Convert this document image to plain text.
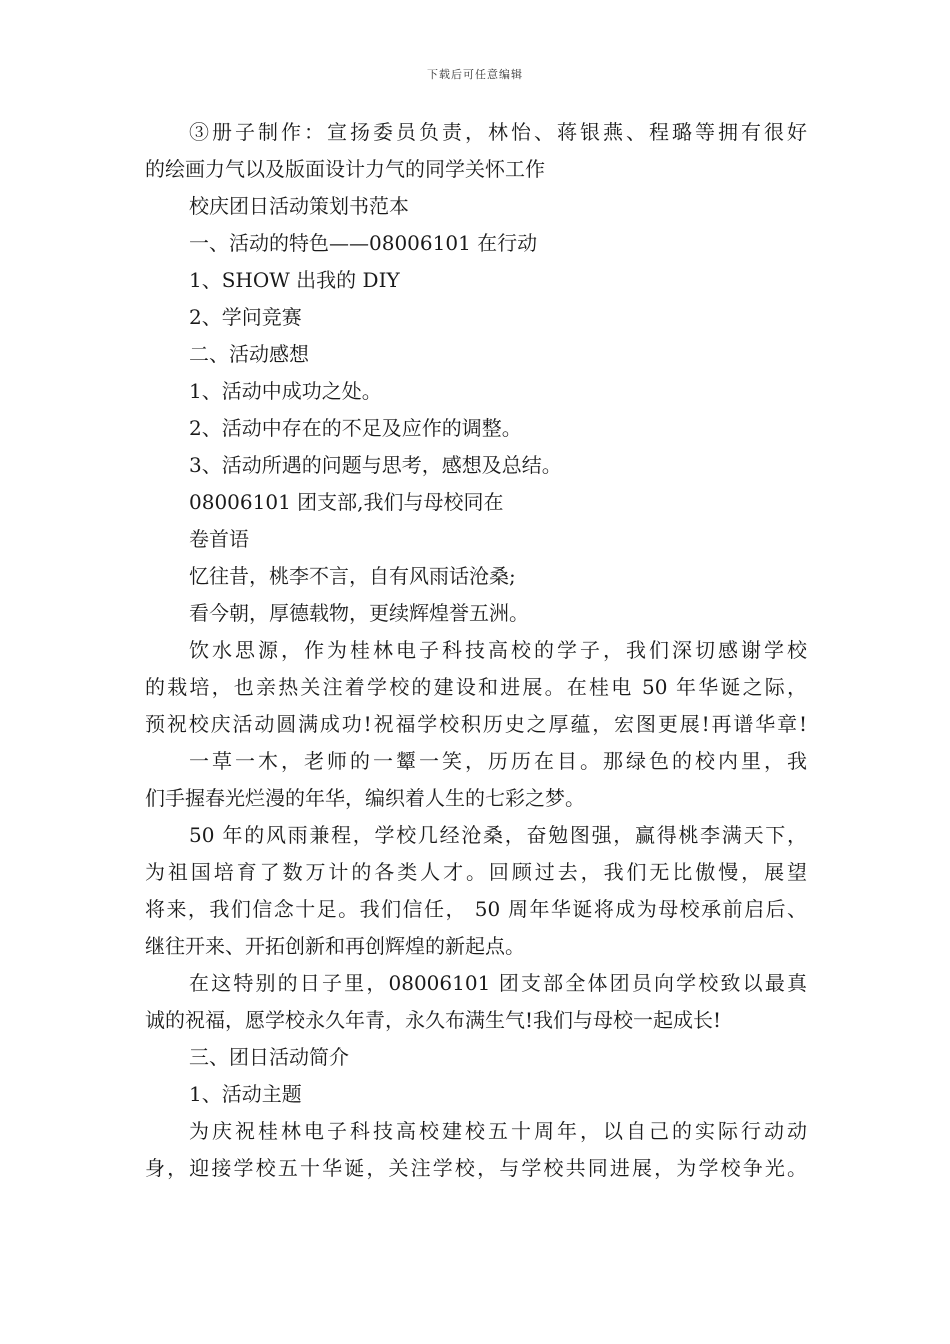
下载后可任意编辑

③册子制作：宣扬委员负责，林怡、蒋银燕、程璐等拥有很好

的绘画力气以及版面设计力气的同学关怀工作

校庆团日活动策划书范本

一、活动的特色——08006101 在行动

1、SHOW 出我的 DIY

2、学问竞赛

二、活动感想

1、活动中成功之处。

2、活动中存在的不足及应作的调整。

3、活动所遇的问题与思考，感想及总结。

08006101 团支部,我们与母校同在

卷首语

忆往昔，桃李不言，自有风雨话沧桑;

看今朝，厚德载物，更续辉煌誉五洲。

饮水思源，作为桂林电子科技高校的学子，我们深切感谢学校

的栽培，也亲热关注着学校的建设和进展。在桂电 50 年华诞之际，

预祝校庆活动圆满成功!祝福学校积历史之厚蕴，宏图更展!再谱华章!

一草一木，老师的一颦一笑，历历在目。那绿色的校内里，我

们手握春光烂漫的年华，编织着人生的七彩之梦。

50 年的风雨兼程，学校几经沧桑，奋勉图强，赢得桃李满天下，

为祖国培育了数万计的各类人才。回顾过去，我们无比傲慢，展望

将来，我们信念十足。我们信任， 50 周年华诞将成为母校承前启后、

继往开来、开拓创新和再创辉煌的新起点。

在这特别的日子里，08006101 团支部全体团员向学校致以最真

诚的祝福，愿学校永久年青，永久布满生气!我们与母校一起成长!

三、团日活动简介

1、活动主题

为庆祝桂林电子科技高校建校五十周年，以自己的实际行动动

身，迎接学校五十华诞，关注学校，与学校共同进展，为学校争光。
